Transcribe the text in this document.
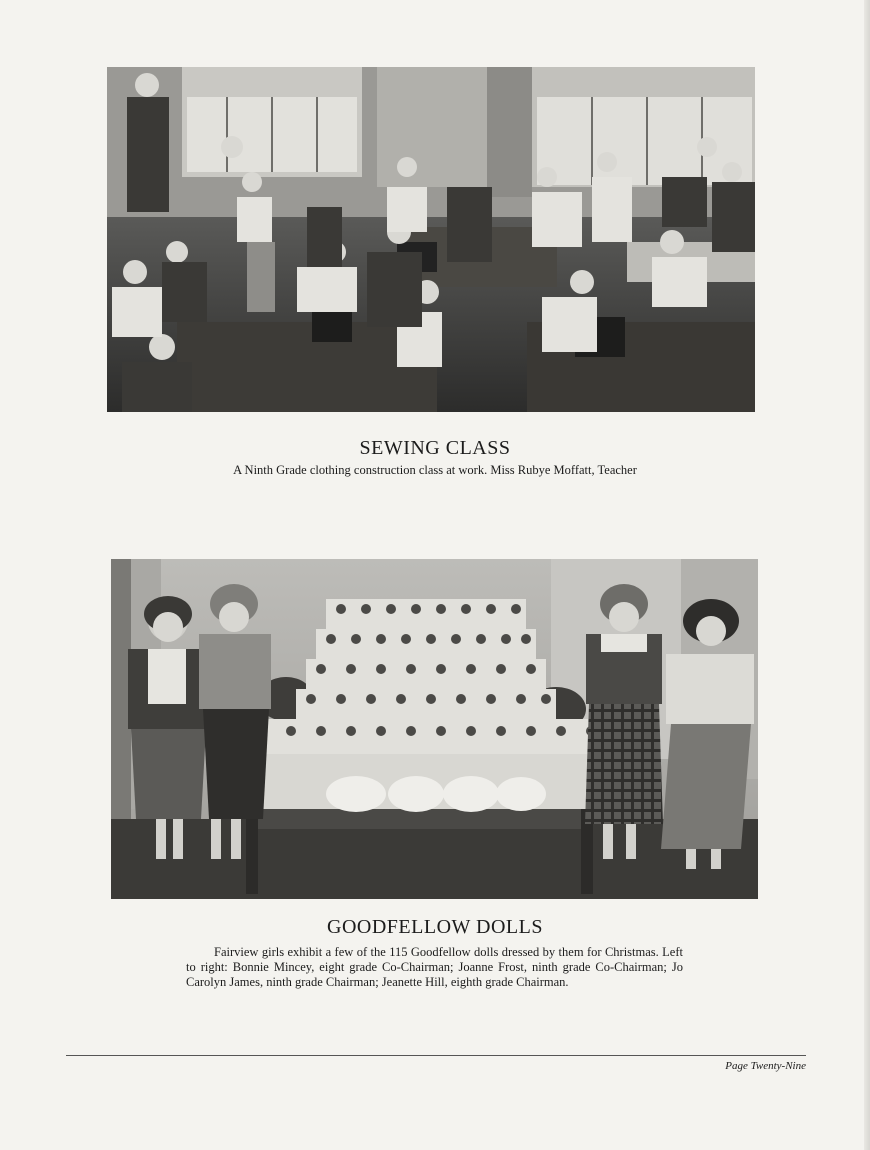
SEWING CLASS

A Ninth Grade clothing construction class at work. Miss Rubye Moffatt, Teacher

GOODFELLOW DOLLS

Fairview girls exhibit a few of the 115 Goodfellow dolls dressed by them for Christmas. Left to right: Bonnie Mincey, eight grade Co-Chairman; Joanne Frost, ninth grade Co-Chairman; Jo Carolyn James, ninth grade Chairman; Jeanette Hill, eighth grade Chairman.

Page Twenty-Nine
